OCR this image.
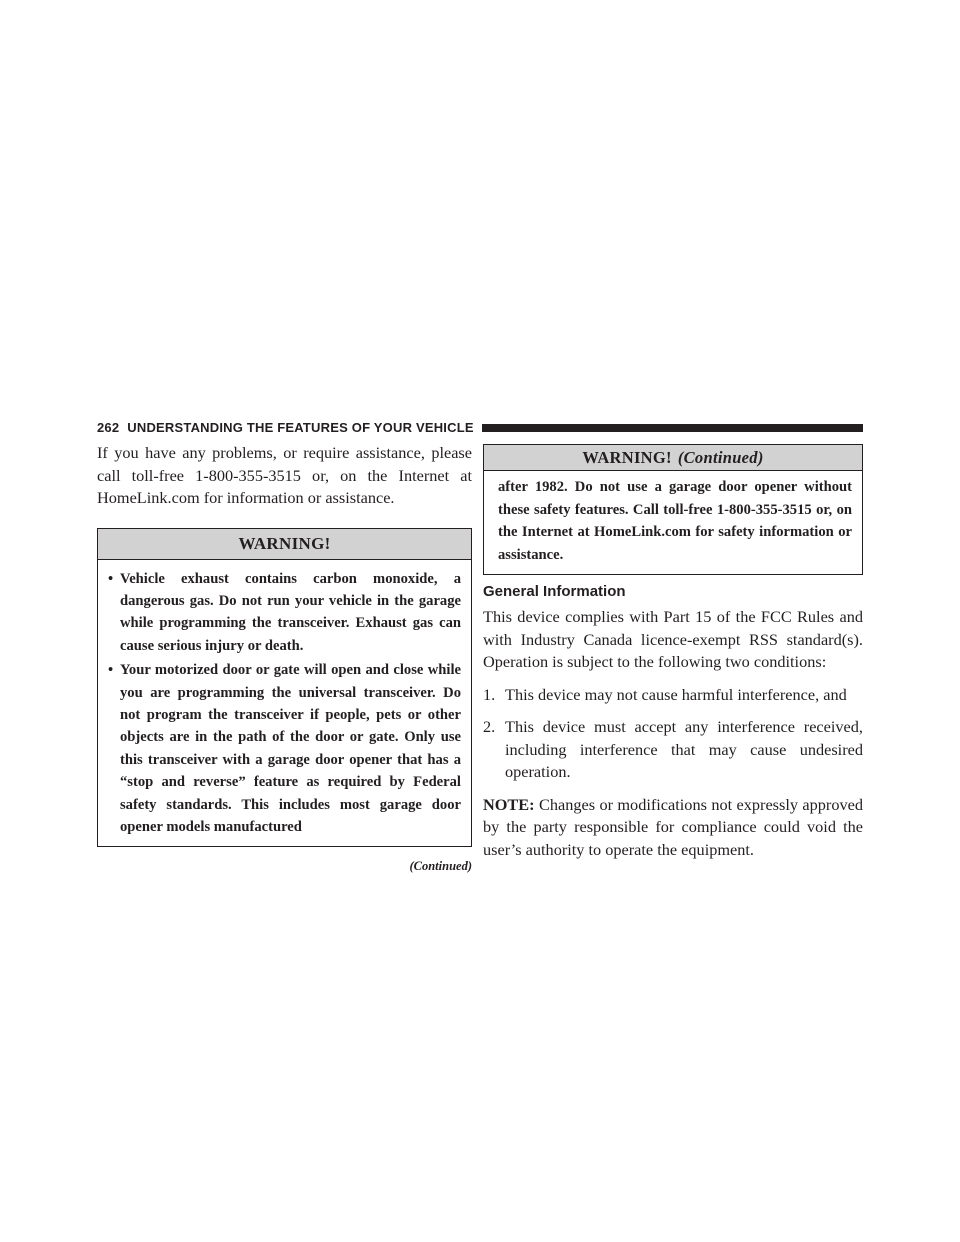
262 UNDERSTANDING THE FEATURES OF YOUR VEHICLE

If you have any problems, or require assistance, please call toll-free 1-800-355-3515 or, on the Internet at HomeLink.com for information or assistance.

WARNING!
• Vehicle exhaust contains carbon monoxide, a dangerous gas. Do not run your vehicle in the garage while programming the transceiver. Exhaust gas can cause serious injury or death.
• Your motorized door or gate will open and close while you are programming the universal transceiver. Do not program the transceiver if people, pets or other objects are in the path of the door or gate. Only use this transceiver with a garage door opener that has a “stop and reverse” feature as required by Federal safety standards. This includes most garage door opener models manufactured
(Continued)
WARNING! (Continued)
after 1982. Do not use a garage door opener without these safety features. Call toll-free 1-800-355-3515 or, on the Internet at HomeLink.com for safety information or assistance.
General Information

This device complies with Part 15 of the FCC Rules and with Industry Canada licence-exempt RSS standard(s). Operation is subject to the following two conditions:

1. This device may not cause harmful interference, and
2. This device must accept any interference received, including interference that may cause undesired operation.

NOTE: Changes or modifications not expressly approved by the party responsible for compliance could void the user’s authority to operate the equipment.
